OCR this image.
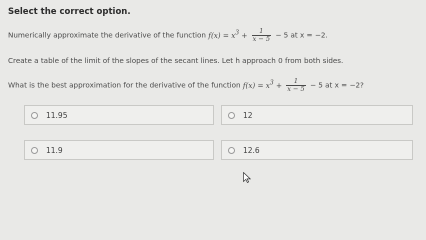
Select the correct option.
Numerically approximate the derivative of the function $f(x) = x^3 + \frac{1}{x - 5} - 5$ at x = −2.
Create a table of the limit of the slopes of the secant lines. Let h approach 0 from both sides.
What is the best approximation for the derivative of the function $f(x) = x^3 + \frac{1}{x - 5} - 5$ at x = −2?
11.95	12
11.9	12.6
